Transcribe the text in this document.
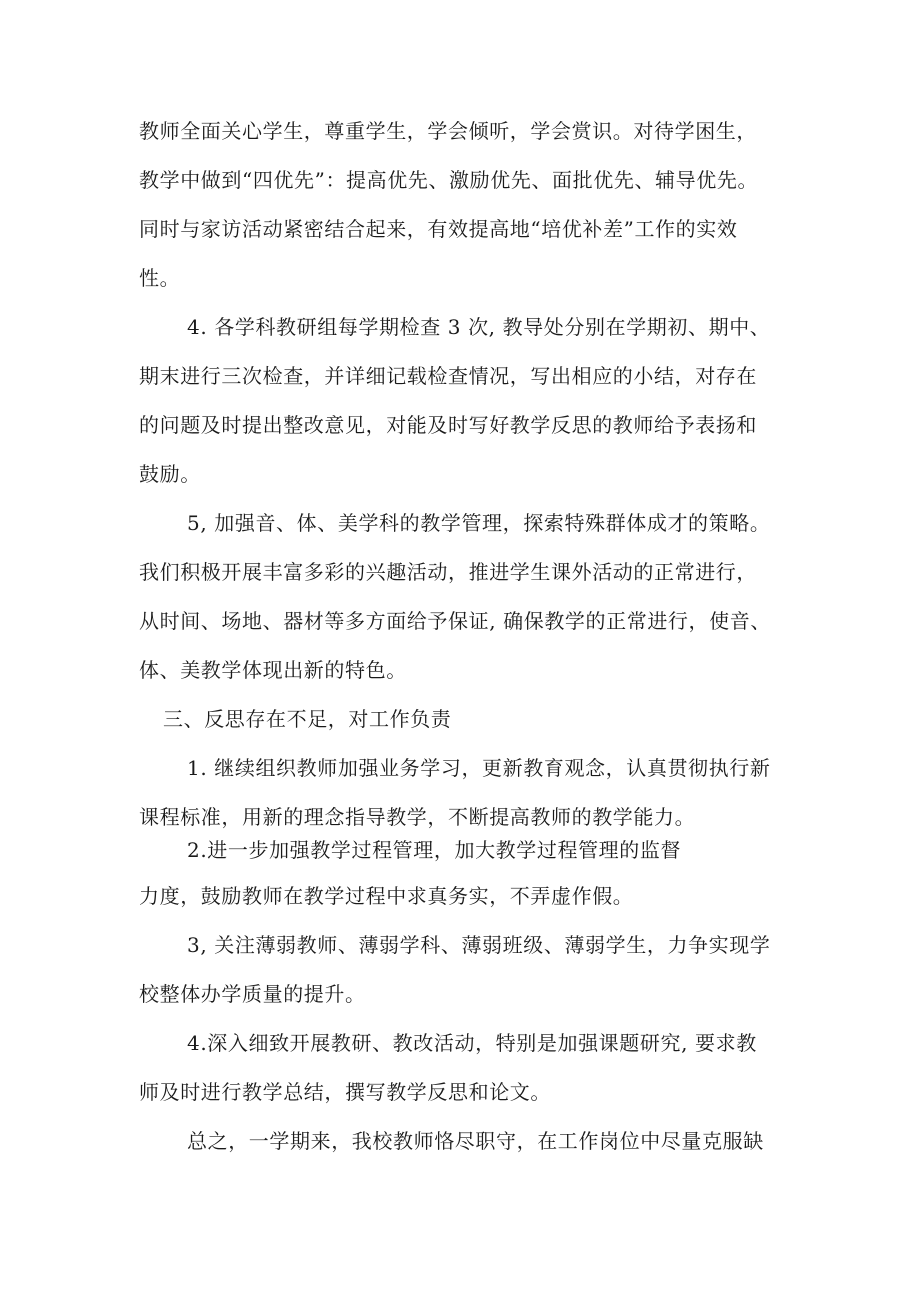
教师全面关心学生，尊重学生，学会倾听，学会赏识。对待学困生，

教学中做到“四优先”：提高优先、激励优先、面批优先、辅导优先。

同时与家访活动紧密结合起来，有效提高地“培优补差”工作的实效

性。

4. 各学科教研组每学期检查 3 次, 教导处分别在学期初、期中、

期末进行三次检查，并详细记载检查情况，写出相应的小结，对存在

的问题及时提出整改意见，对能及时写好教学反思的教师给予表扬和

鼓励。

5, 加强音、体、美学科的教学管理，探索特殊群体成才的策略。

我们积极开展丰富多彩的兴趣活动，推进学生课外活动的正常进行，

从时间、场地、器材等多方面给予保证, 确保教学的正常进行，使音、

体、美教学体现出新的特色。

三、反思存在不足，对工作负责

1. 继续组织教师加强业务学习，更新教育观念，认真贯彻执行新

课程标准，用新的理念指导教学，不断提高教师的教学能力。

2.进一步加强教学过程管理，加大教学过程管理的监督

力度，鼓励教师在教学过程中求真务实，不弄虚作假。

3, 关注薄弱教师、薄弱学科、薄弱班级、薄弱学生，力争实现学

校整体办学质量的提升。

4.深入细致开展教研、教改活动，特别是加强课题研究, 要求教

师及时进行教学总结，撰写教学反思和论文。

总之，一学期来，我校教师恪尽职守，在工作岗位中尽量克服缺
